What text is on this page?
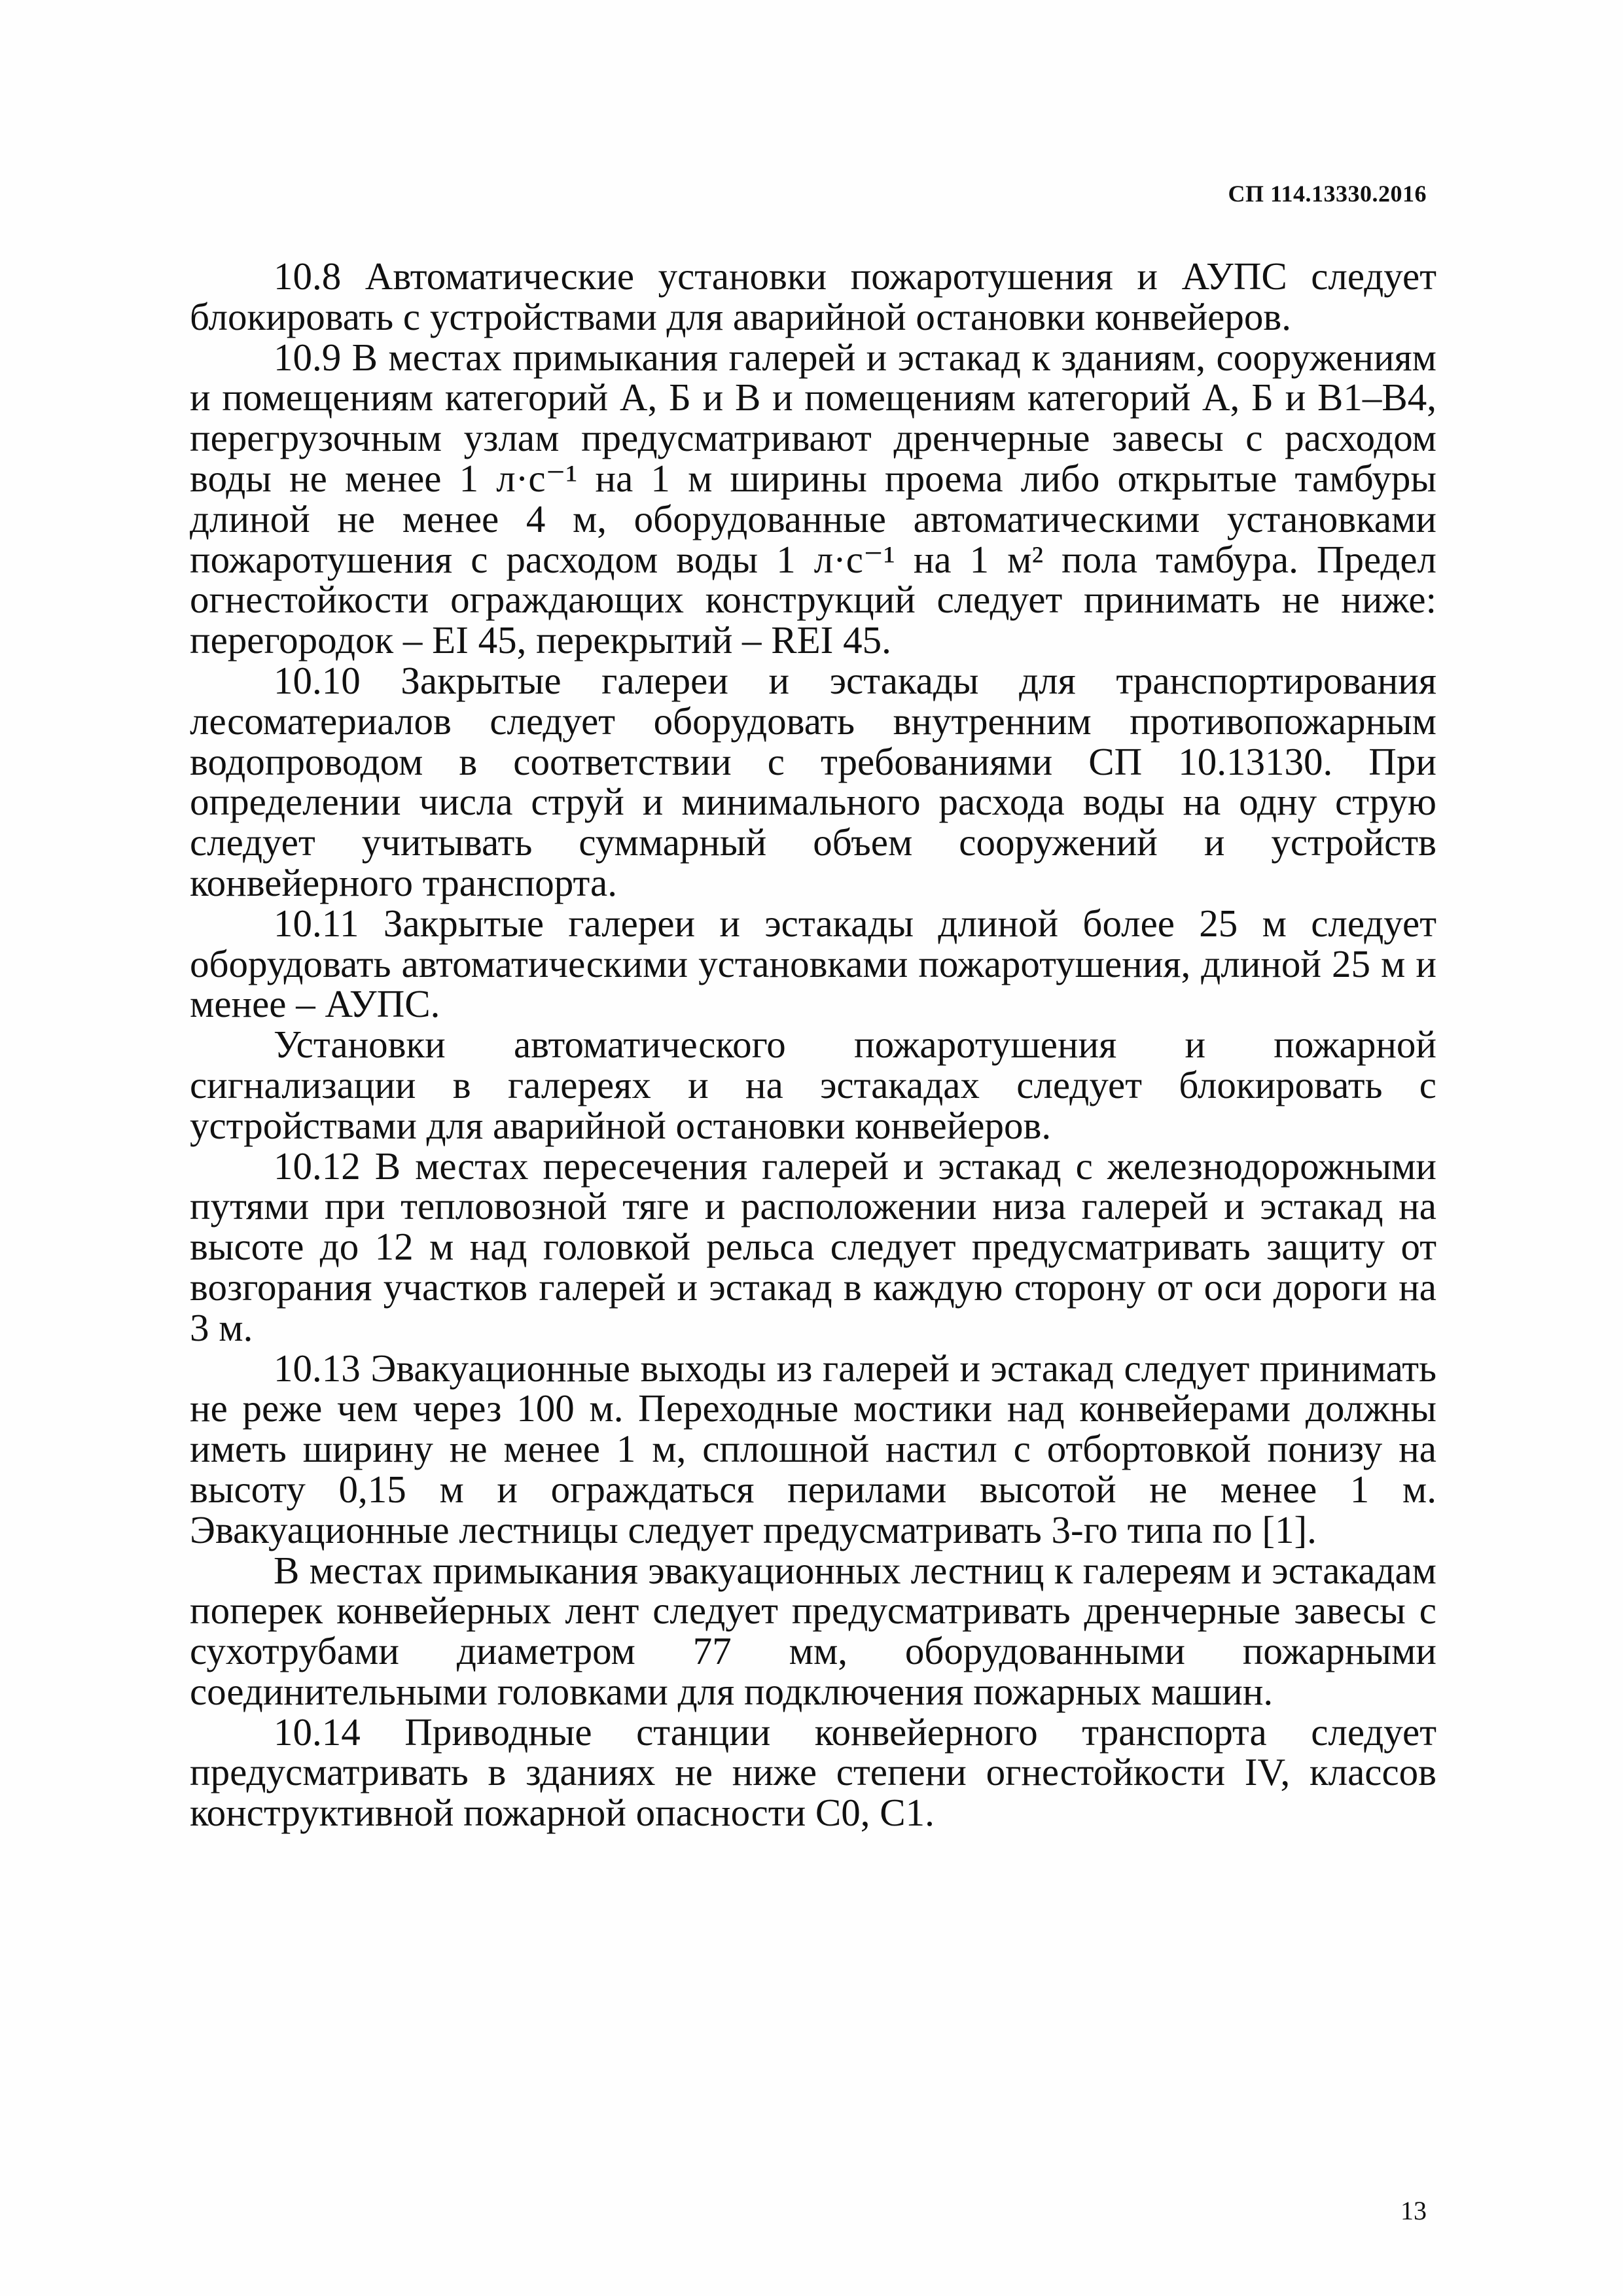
СП 114.13330.2016

10.8 Автоматические установки пожаротушения и АУПС следует блокировать с устройствами для аварийной остановки конвейеров.

10.9 В местах примыкания галерей и эстакад к зданиям, сооружениям и помещениям категорий А, Б и В и помещениям категорий А, Б и В1–В4, перегрузочным узлам предусматривают дренчерные завесы с расходом воды не менее 1 л·с⁻¹ на 1 м ширины проема либо открытые тамбуры длиной не менее 4 м, оборудованные автоматическими установками пожаротушения с расходом воды 1 л·с⁻¹ на 1 м² пола тамбура. Предел огнестойкости ограждающих конструкций следует принимать не ниже: перегородок – EI 45, перекрытий – REI 45.

10.10 Закрытые галереи и эстакады для транспортирования лесоматериалов следует оборудовать внутренним противопожарным водопроводом в соответствии с требованиями СП 10.13130. При определении числа струй и минимального расхода воды на одну струю следует учитывать суммарный объем сооружений и устройств конвейерного транспорта.

10.11 Закрытые галереи и эстакады длиной более 25 м следует оборудовать автоматическими установками пожаротушения, длиной 25 м и менее – АУПС.

Установки автоматического пожаротушения и пожарной сигнализации в галереях и на эстакадах следует блокировать с устройствами для аварийной остановки конвейеров.

10.12 В местах пересечения галерей и эстакад с железнодорожными путями при тепловозной тяге и расположении низа галерей и эстакад на высоте до 12 м над головкой рельса следует предусматривать защиту от возгорания участков галерей и эстакад в каждую сторону от оси дороги на 3 м.

10.13 Эвакуационные выходы из галерей и эстакад следует принимать не реже чем через 100 м. Переходные мостики над конвейерами должны иметь ширину не менее 1 м, сплошной настил с отбортовкой понизу на высоту 0,15 м и ограждаться перилами высотой не менее 1 м. Эвакуационные лестницы следует предусматривать 3-го типа по [1].

В местах примыкания эвакуационных лестниц к галереям и эстакадам поперек конвейерных лент следует предусматривать дренчерные завесы с сухотрубами диаметром 77 мм, оборудованными пожарными соединительными головками для подключения пожарных машин.

10.14 Приводные станции конвейерного транспорта следует предусматривать в зданиях не ниже степени огнестойкости IV, классов конструктивной пожарной опасности С0, С1.

13
